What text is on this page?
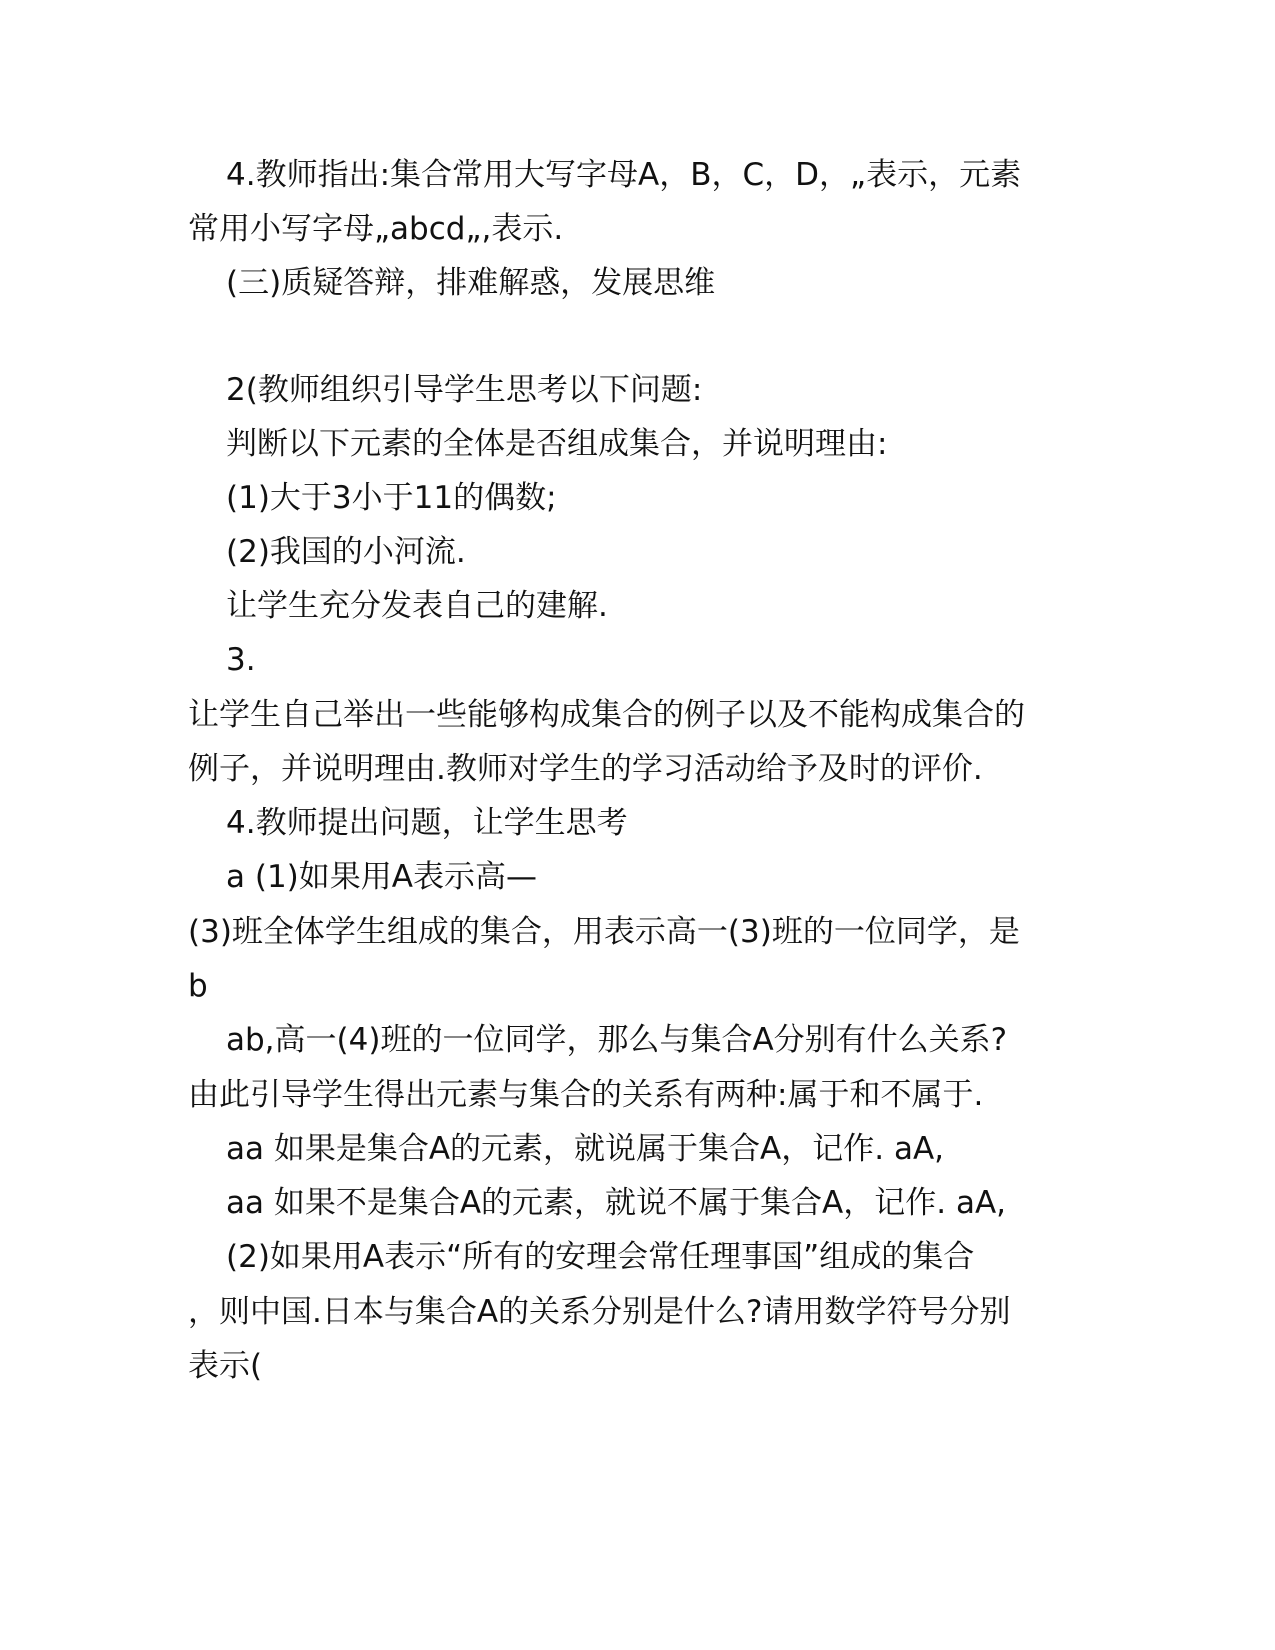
4.教师指出:集合常用大写字母A，B，C，D，„表示，元素

常用小写字母„abcd„,表示.

(三)质疑答辩，排难解惑，发展思维

2(教师组织引导学生思考以下问题:

判断以下元素的全体是否组成集合，并说明理由:

(1)大于3小于11的偶数;

(2)我国的小河流.

让学生充分发表自己的建解.

3.

让学生自己举出一些能够构成集合的例子以及不能构成集合的

例子，并说明理由.教师对学生的学习活动给予及时的评价.

4.教师提出问题，让学生思考

a (1)如果用A表示高—

(3)班全体学生组成的集合，用表示高一(3)班的一位同学，是

b

ab,高一(4)班的一位同学，那么与集合A分别有什么关系?

由此引导学生得出元素与集合的关系有两种:属于和不属于.

aa 如果是集合A的元素，就说属于集合A，记作. aA,

aa 如果不是集合A的元素，就说不属于集合A，记作. aA,

(2)如果用A表示“所有的安理会常任理事国”组成的集合

，则中国.日本与集合A的关系分别是什么?请用数学符号分别

表示(
